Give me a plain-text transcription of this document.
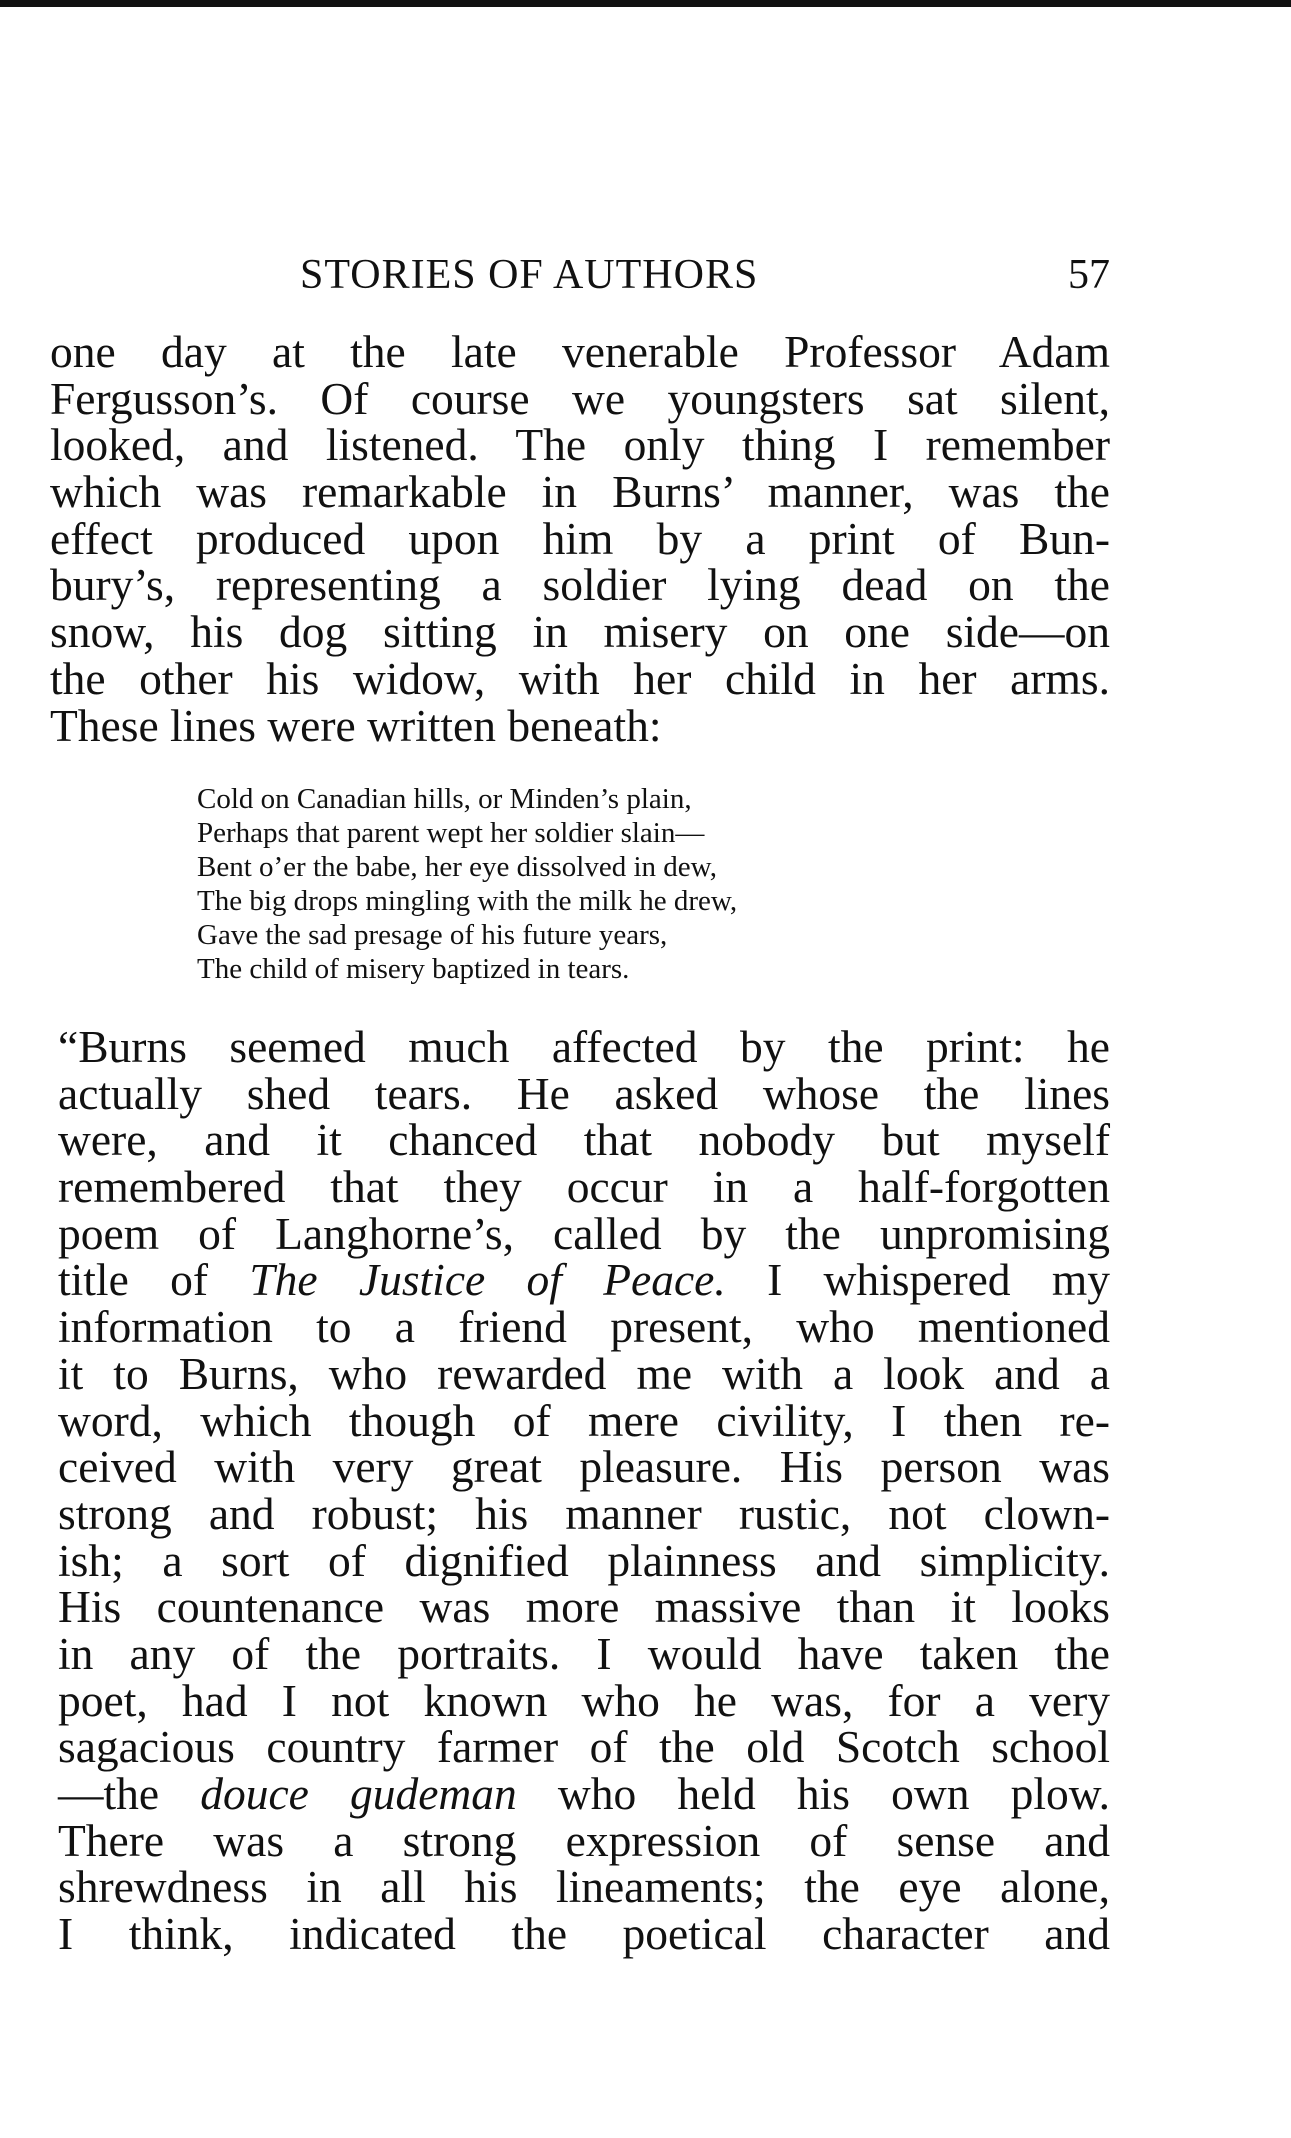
STORIES OF AUTHORS	57
one day at the late venerable Professor Adam
Fergusson’s. Of course we youngsters sat silent,
looked, and listened. The only thing I remember
which was remarkable in Burns’ manner, was the
effect produced upon him by a print of Bun-
bury’s, representing a soldier lying dead on the
snow, his dog sitting in misery on one side—on
the other his widow, with her child in her arms.
These lines were written beneath:
Cold on Canadian hills, or Minden’s plain,
Perhaps that parent wept her soldier slain—
Bent o’er the babe, her eye dissolved in dew,
The big drops mingling with the milk he drew,
Gave the sad presage of his future years,
The child of misery baptized in tears.
“Burns seemed much affected by the print: he
actually shed tears. He asked whose the lines
were, and it chanced that nobody but myself
remembered that they occur in a half-forgotten
poem of Langhorne’s, called by the unpromising
title of The Justice of Peace. I whispered my
information to a friend present, who mentioned
it to Burns, who rewarded me with a look and a
word, which though of mere civility, I then re-
ceived with very great pleasure. His person was
strong and robust; his manner rustic, not clown-
ish; a sort of dignified plainness and simplicity.
His countenance was more massive than it looks
in any of the portraits. I would have taken the
poet, had I not known who he was, for a very
sagacious country farmer of the old Scotch school
—the douce gudeman who held his own plow.
There was a strong expression of sense and
shrewdness in all his lineaments; the eye alone,
I think, indicated the poetical character and
